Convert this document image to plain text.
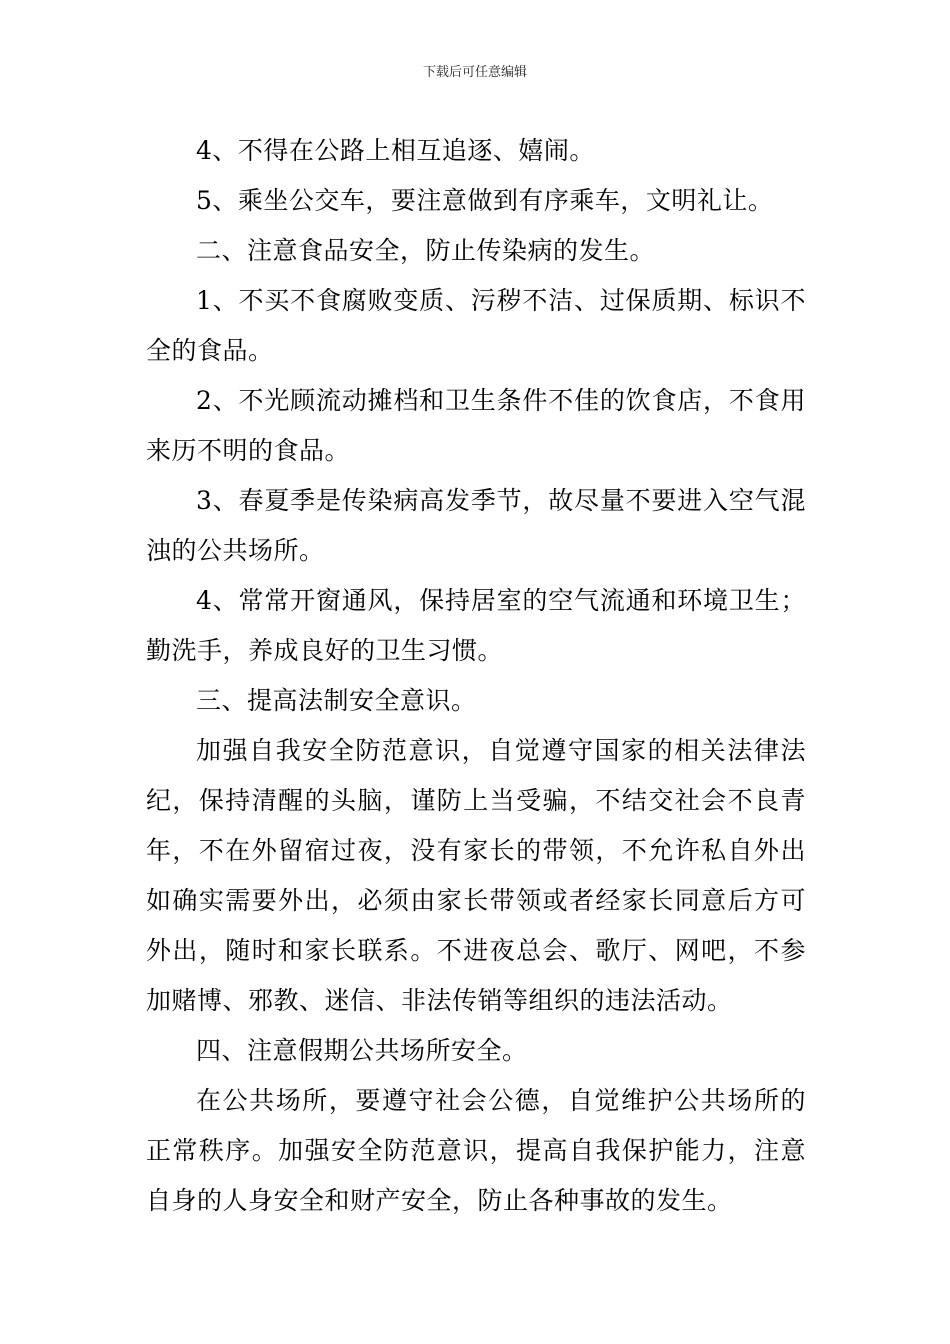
下载后可任意编辑

4、不得在公路上相互追逐、嬉闹。

5、乘坐公交车，要注意做到有序乘车，文明礼让。

二、注意食品安全，防止传染病的发生。

1、不买不食腐败变质、污秽不洁、过保质期、标识不全的食品。

2、不光顾流动摊档和卫生条件不佳的饮食店，不食用来历不明的食品。

3、春夏季是传染病高发季节，故尽量不要进入空气混浊的公共场所。

4、常常开窗通风，保持居室的空气流通和环境卫生；勤洗手，养成良好的卫生习惯。

三、提高法制安全意识。

加强自我安全防范意识，自觉遵守国家的相关法律法纪，保持清醒的头脑，谨防上当受骗，不结交社会不良青年，不在外留宿过夜，没有家长的带领，不允许私自外出如确实需要外出，必须由家长带领或者经家长同意后方可外出，随时和家长联系。不进夜总会、歌厅、网吧，不参加赌博、邪教、迷信、非法传销等组织的违法活动。

四、注意假期公共场所安全。

在公共场所，要遵守社会公德，自觉维护公共场所的正常秩序。加强安全防范意识，提高自我保护能力，注意自身的人身安全和财产安全，防止各种事故的发生。
